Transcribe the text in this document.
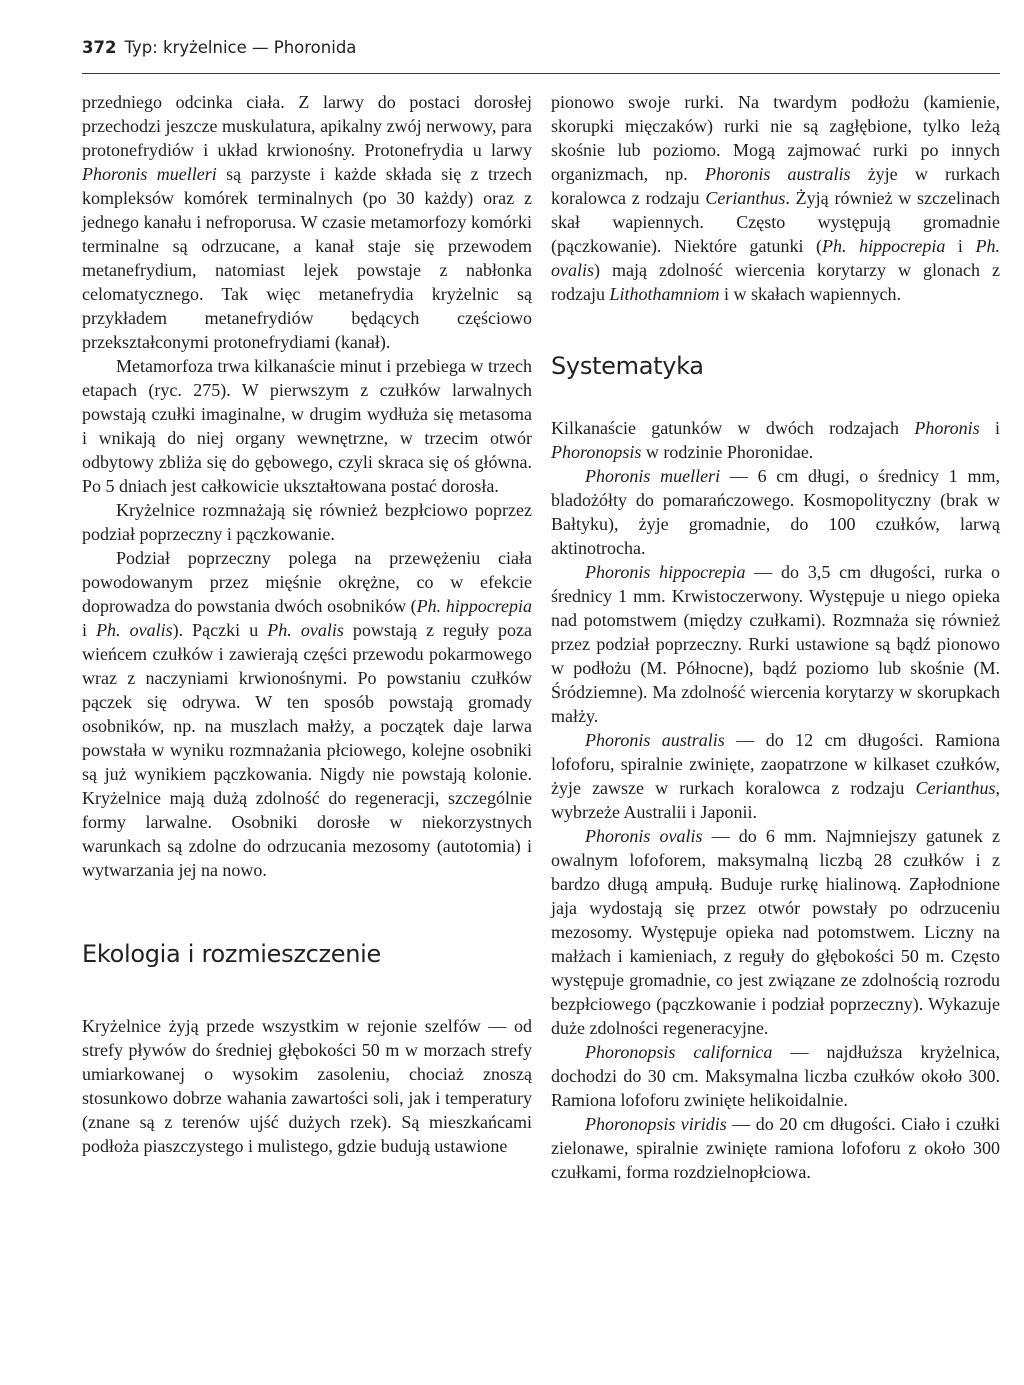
372 Typ: kryżelnice — Phoronida

przedniego odcinka ciała. Z larwy do postaci dorosłej przechodzi jeszcze muskulatura, apikalny zwój nerwowy, para protonefrydiów i układ krwionośny. Protonefrydia u larwy Phoronis muelleri są parzyste i każde składa się z trzech kompleksów komórek terminalnych (po 30 każdy) oraz z jednego kanału i nefroporusa. W czasie metamorfozy komórki terminalne są odrzucane, a kanał staje się przewodem metanefrydium, natomiast lejek powstaje z nabłonka celomatycznego. Tak więc metanefrydia kryżelnic są przykładem metanefrydiów będących częściowo przekształconymi protonefrydiami (kanał).

Metamorfoza trwa kilkanaście minut i przebiega w trzech etapach (ryc. 275). W pierwszym z czułków larwalnych powstają czułki imaginalne, w drugim wydłuża się metasoma i wnikają do niej organy wewnętrzne, w trzecim otwór odbytowy zbliża się do gębowego, czyli skraca się oś główna. Po 5 dniach jest całkowicie ukształtowana postać dorosła.

Kryżelnice rozmnażają się również bezpłciowo poprzez podział poprzeczny i pączkowanie.

Podział poprzeczny polega na przewężeniu ciała powodowanym przez mięśnie okrężne, co w efekcie doprowadza do powstania dwóch osobników (Ph. hippocrepia i Ph. ovalis). Pączki u Ph. ovalis powstają z reguły poza wieńcem czułków i zawierają części przewodu pokarmowego wraz z naczyniami krwionośnymi. Po powstaniu czułków pączek się odrywa. W ten sposób powstają gromady osobników, np. na muszlach małży, a początek daje larwa powstała w wyniku rozmnażania płciowego, kolejne osobniki są już wynikiem pączkowania. Nigdy nie powstają kolonie. Kryżelnice mają dużą zdolność do regeneracji, szczególnie formy larwalne. Osobniki dorosłe w niekorzystnych warunkach są zdolne do odrzucania mezosomy (autotomia) i wytwarzania jej na nowo.

Ekologia i rozmieszczenie

Kryżelnice żyją przede wszystkim w rejonie szelfów — od strefy pływów do średniej głębokości 50 m w morzach strefy umiarkowanej o wysokim zasoleniu, chociaż znoszą stosunkowo dobrze wahania zawartości soli, jak i temperatury (znane są z terenów ujść dużych rzek). Są mieszkańcami podłoża piaszczystego i mulistego, gdzie budują ustawione

pionowo swoje rurki. Na twardym podłożu (kamienie, skorupki mięczaków) rurki nie są zagłębione, tylko leżą skośnie lub poziomo. Mogą zajmować rurki po innych organizmach, np. Phoronis australis żyje w rurkach koralowca z rodzaju Cerianthus. Żyją również w szczelinach skał wapiennych. Często występują gromadnie (pączkowanie). Niektóre gatunki (Ph. hippocrepia i Ph. ovalis) mają zdolność wiercenia korytarzy w glonach z rodzaju Lithothamniom i w skałach wapiennych.

Systematyka

Kilkanaście gatunków w dwóch rodzajach Phoronis i Phoronopsis w rodzinie Phoronidae.

Phoronis muelleri — 6 cm długi, o średnicy 1 mm, bladożółty do pomarańczowego. Kosmopolityczny (brak w Bałtyku), żyje gromadnie, do 100 czułków, larwą aktinotrocha.

Phoronis hippocrepia — do 3,5 cm długości, rurka o średnicy 1 mm. Krwistoczerwony. Występuje u niego opieka nad potomstwem (między czułkami). Rozmnaża się również przez podział poprzeczny. Rurki ustawione są bądź pionowo w podłożu (M. Północne), bądź poziomo lub skośnie (M. Śródziemne). Ma zdolność wiercenia korytarzy w skorupkach małży.

Phoronis australis — do 12 cm długości. Ramiona lofoforu, spiralnie zwinięte, zaopatrzone w kilkaset czułków, żyje zawsze w rurkach koralowca z rodzaju Cerianthus, wybrzeże Australii i Japonii.

Phoronis ovalis — do 6 mm. Najmniejszy gatunek z owalnym lofoforem, maksymalną liczbą 28 czułków i z bardzo długą ampułą. Buduje rurkę hialinową. Zapłodnione jaja wydostają się przez otwór powstały po odrzuceniu mezosomy. Występuje opieka nad potomstwem. Liczny na małżach i kamieniach, z reguły do głębokości 50 m. Często występuje gromadnie, co jest związane ze zdolnością rozrodu bezpłciowego (pączkowanie i podział poprzeczny). Wykazuje duże zdolności regeneracyjne.

Phoronopsis californica — najdłuższa kryżelnica, dochodzi do 30 cm. Maksymalna liczba czułków około 300. Ramiona lofoforu zwinięte helikoidalnie.

Phoronopsis viridis — do 20 cm długości. Ciało i czułki zielonawe, spiralnie zwinięte ramiona lofoforu z około 300 czułkami, forma rozdzielnopłciowa.
